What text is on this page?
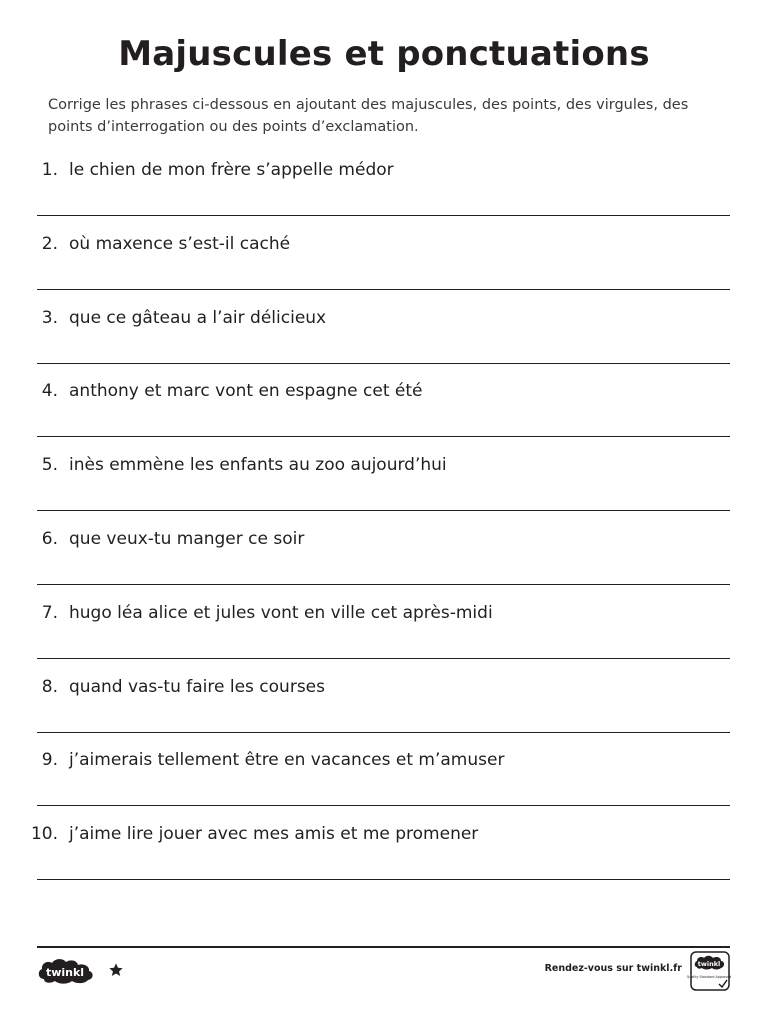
Majuscules et ponctuations
Corrige les phrases ci-dessous en ajoutant des majuscules, des points, des virgules, des points d’interrogation ou des points d’exclamation.
1. le chien de mon frère s’appelle médor
2. où maxence s’est-il caché
3. que ce gâteau a l’air délicieux
4. anthony et marc vont en espagne cet été
5. inès emmène les enfants au zoo aujourd’hui
6. que veux-tu manger ce soir
7. hugo léa alice et jules vont en ville cet après-midi
8. quand vas-tu faire les courses
9. j’aimerais tellement être en vacances et m’amuser
10. j’aime lire jouer avec mes amis et me promener
twinkl	Rendez-vous sur twinkl.fr twinkl
Quality Standard Approved
